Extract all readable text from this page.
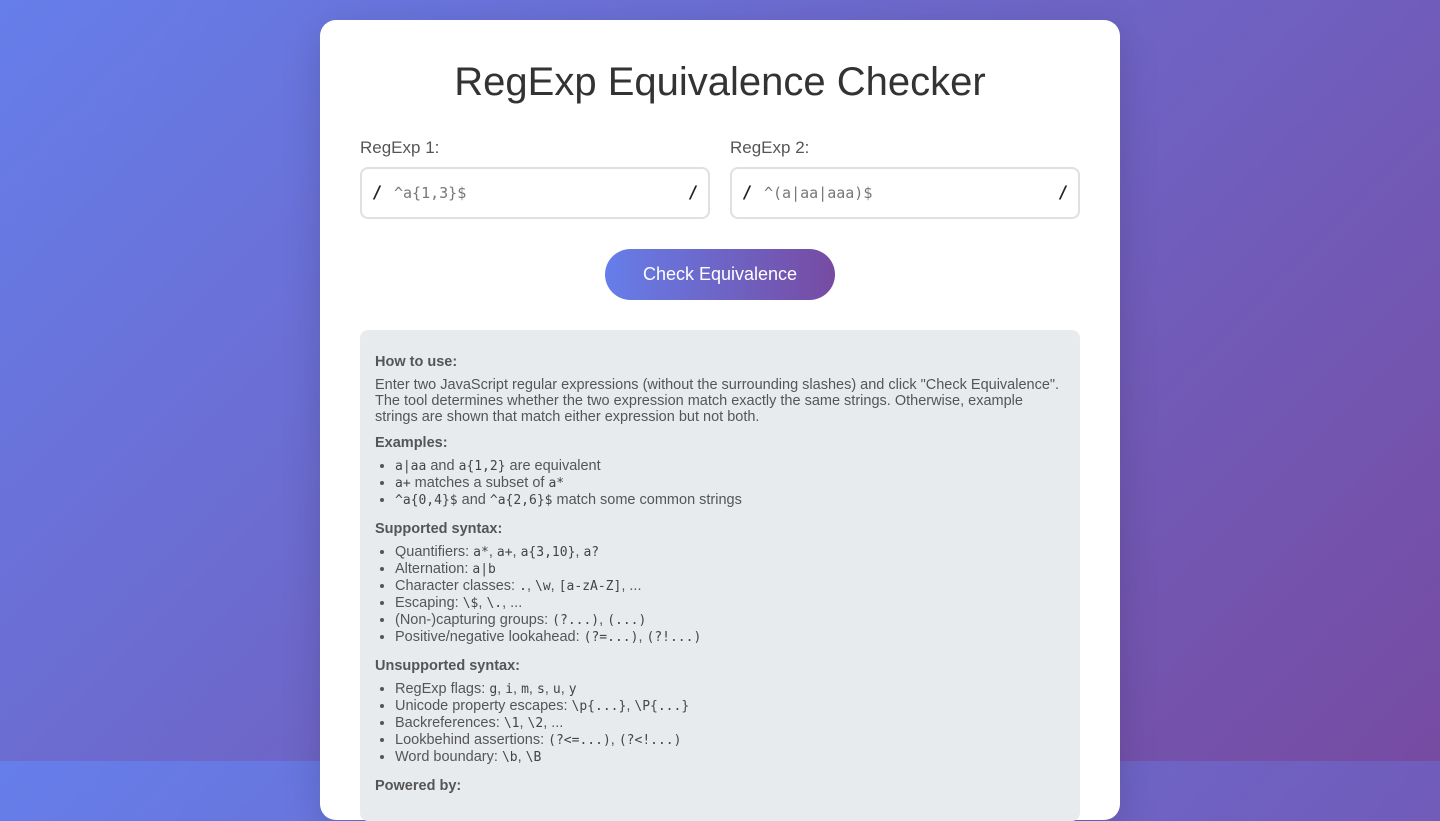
RegExp Equivalence Checker
RegExp 1:
/
^a{1,3}$	/
RegExp 2:
/
^(a|aa|aaa)$	/
Check Equivalence
How to use:

Enter two JavaScript regular expressions (without the surrounding slashes) and click "Check Equivalence". The tool determines whether the two expression match exactly the same strings. Otherwise, example strings are shown that match either expression but not both.

Examples:
• a|aa and a{1,2} are equivalent
• a+ matches a subset of a*
• ^a{0,4}$ and ^a{2,6}$ match some common strings
Supported syntax:
• Quantifiers: a*, a+, a{3,10}, a?
• Alternation: a|b
• Character classes: ., \w, [a-zA-Z], ...
• Escaping: \$, \., ...
• (Non-)capturing groups: (?...), (...)
• Positive/negative lookahead: (?=...), (?!...)
Unsupported syntax:
• RegExp flags: g, i, m, s, u, y
• Unicode property escapes: \p{...}, \P{...}
• Backreferences: \1, \2, ...
• Lookbehind assertions: (?<=...), (?<!...)
• Word boundary: \b, \B
Powered by:
